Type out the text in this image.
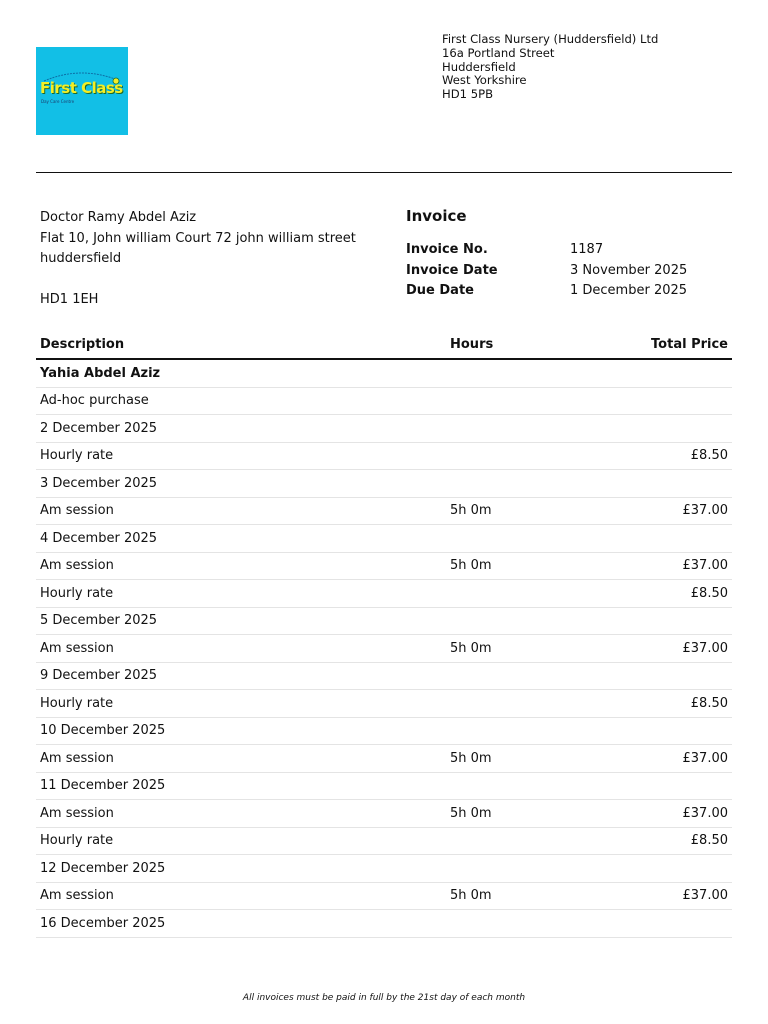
First Class
Day Care Centre
First Class Nursery (Huddersfield) Ltd
16a Portland Street
Huddersfield
West Yorkshire
HD1 5PB
Doctor Ramy Abdel Aziz
Flat 10, John william Court 72 john william street
huddersfield
HD1 1EH
Invoice
Invoice No.	1187
Invoice Date	3 November 2025
Due Date	1 December 2025
Description	Hours	Total Price
Yahia Abdel Aziz		
Ad-hoc purchase		
2 December 2025		
Hourly rate		£8.50
3 December 2025		
Am session	5h 0m	£37.00
4 December 2025		
Am session	5h 0m	£37.00
Hourly rate		£8.50
5 December 2025		
Am session	5h 0m	£37.00
9 December 2025		
Hourly rate		£8.50
10 December 2025		
Am session	5h 0m	£37.00
11 December 2025		
Am session	5h 0m	£37.00
Hourly rate		£8.50
12 December 2025		
Am session	5h 0m	£37.00
16 December 2025		
All invoices must be paid in full by the 21st day of each month
